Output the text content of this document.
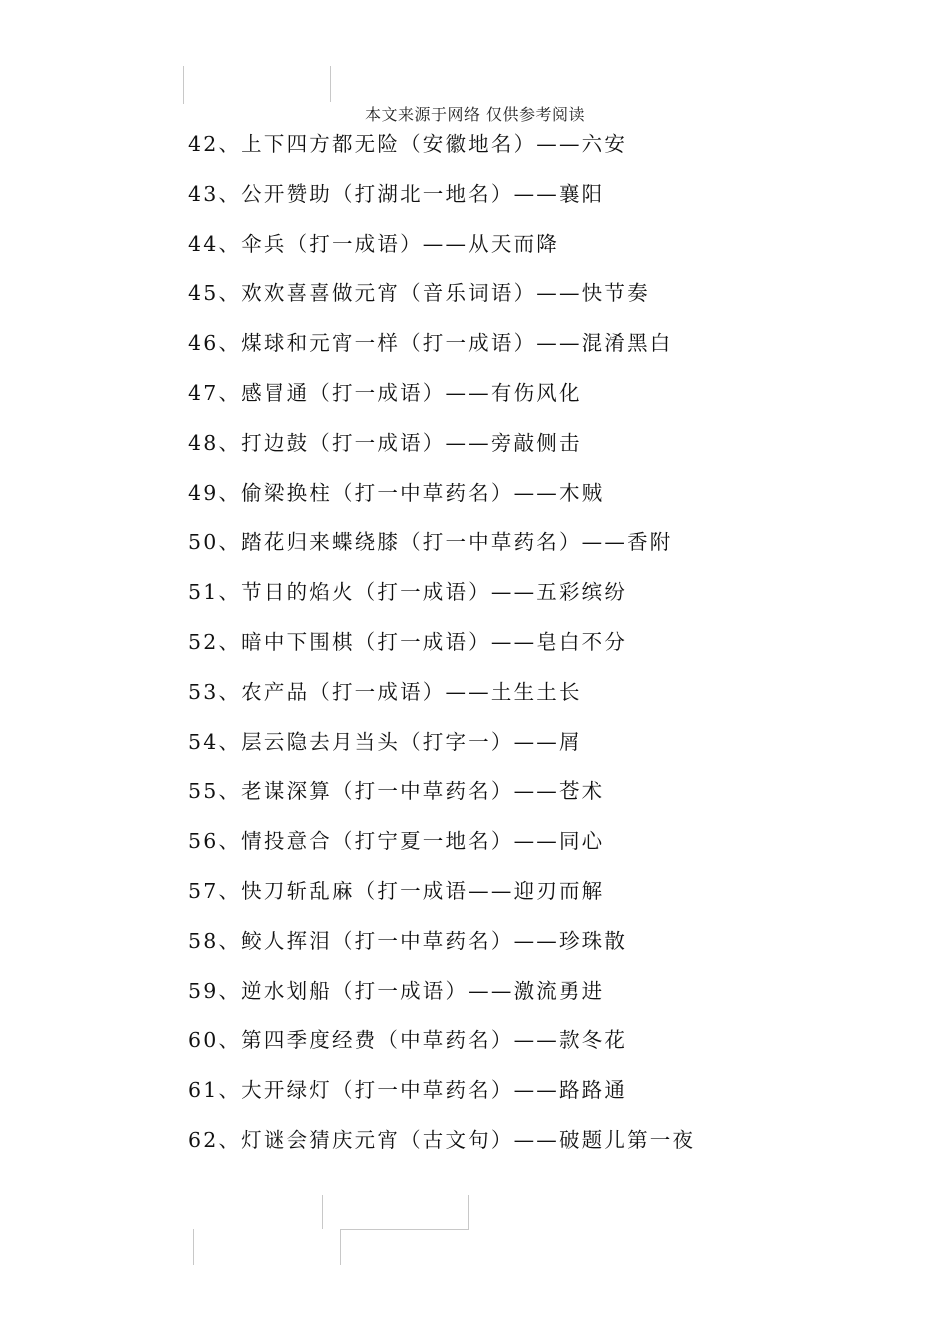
本文来源于网络 仅供参考阅读
42、上下四方都无险（安徽地名）——六安
43、公开赞助（打湖北一地名）——襄阳
44、伞兵（打一成语）——从天而降
45、欢欢喜喜做元宵（音乐词语）——快节奏
46、煤球和元宵一样（打一成语）——混淆黑白
47、感冒通（打一成语）——有伤风化
48、打边鼓（打一成语）——旁敲侧击
49、偷梁换柱（打一中草药名）——木贼
50、踏花归来蝶绕膝（打一中草药名）——香附
51、节日的焰火（打一成语）——五彩缤纷
52、暗中下围棋（打一成语）——皂白不分
53、农产品（打一成语）——土生土长
54、层云隐去月当头（打字一）——屑
55、老谋深算（打一中草药名）——苍术
56、情投意合（打宁夏一地名）——同心
57、快刀斩乱麻（打一成语——迎刃而解
58、鲛人挥泪（打一中草药名）——珍珠散
59、逆水划船（打一成语）——激流勇进
60、第四季度经费（中草药名）——款冬花
61、大开绿灯（打一中草药名）——路路通
62、灯谜会猜庆元宵（古文句）——破题儿第一夜
